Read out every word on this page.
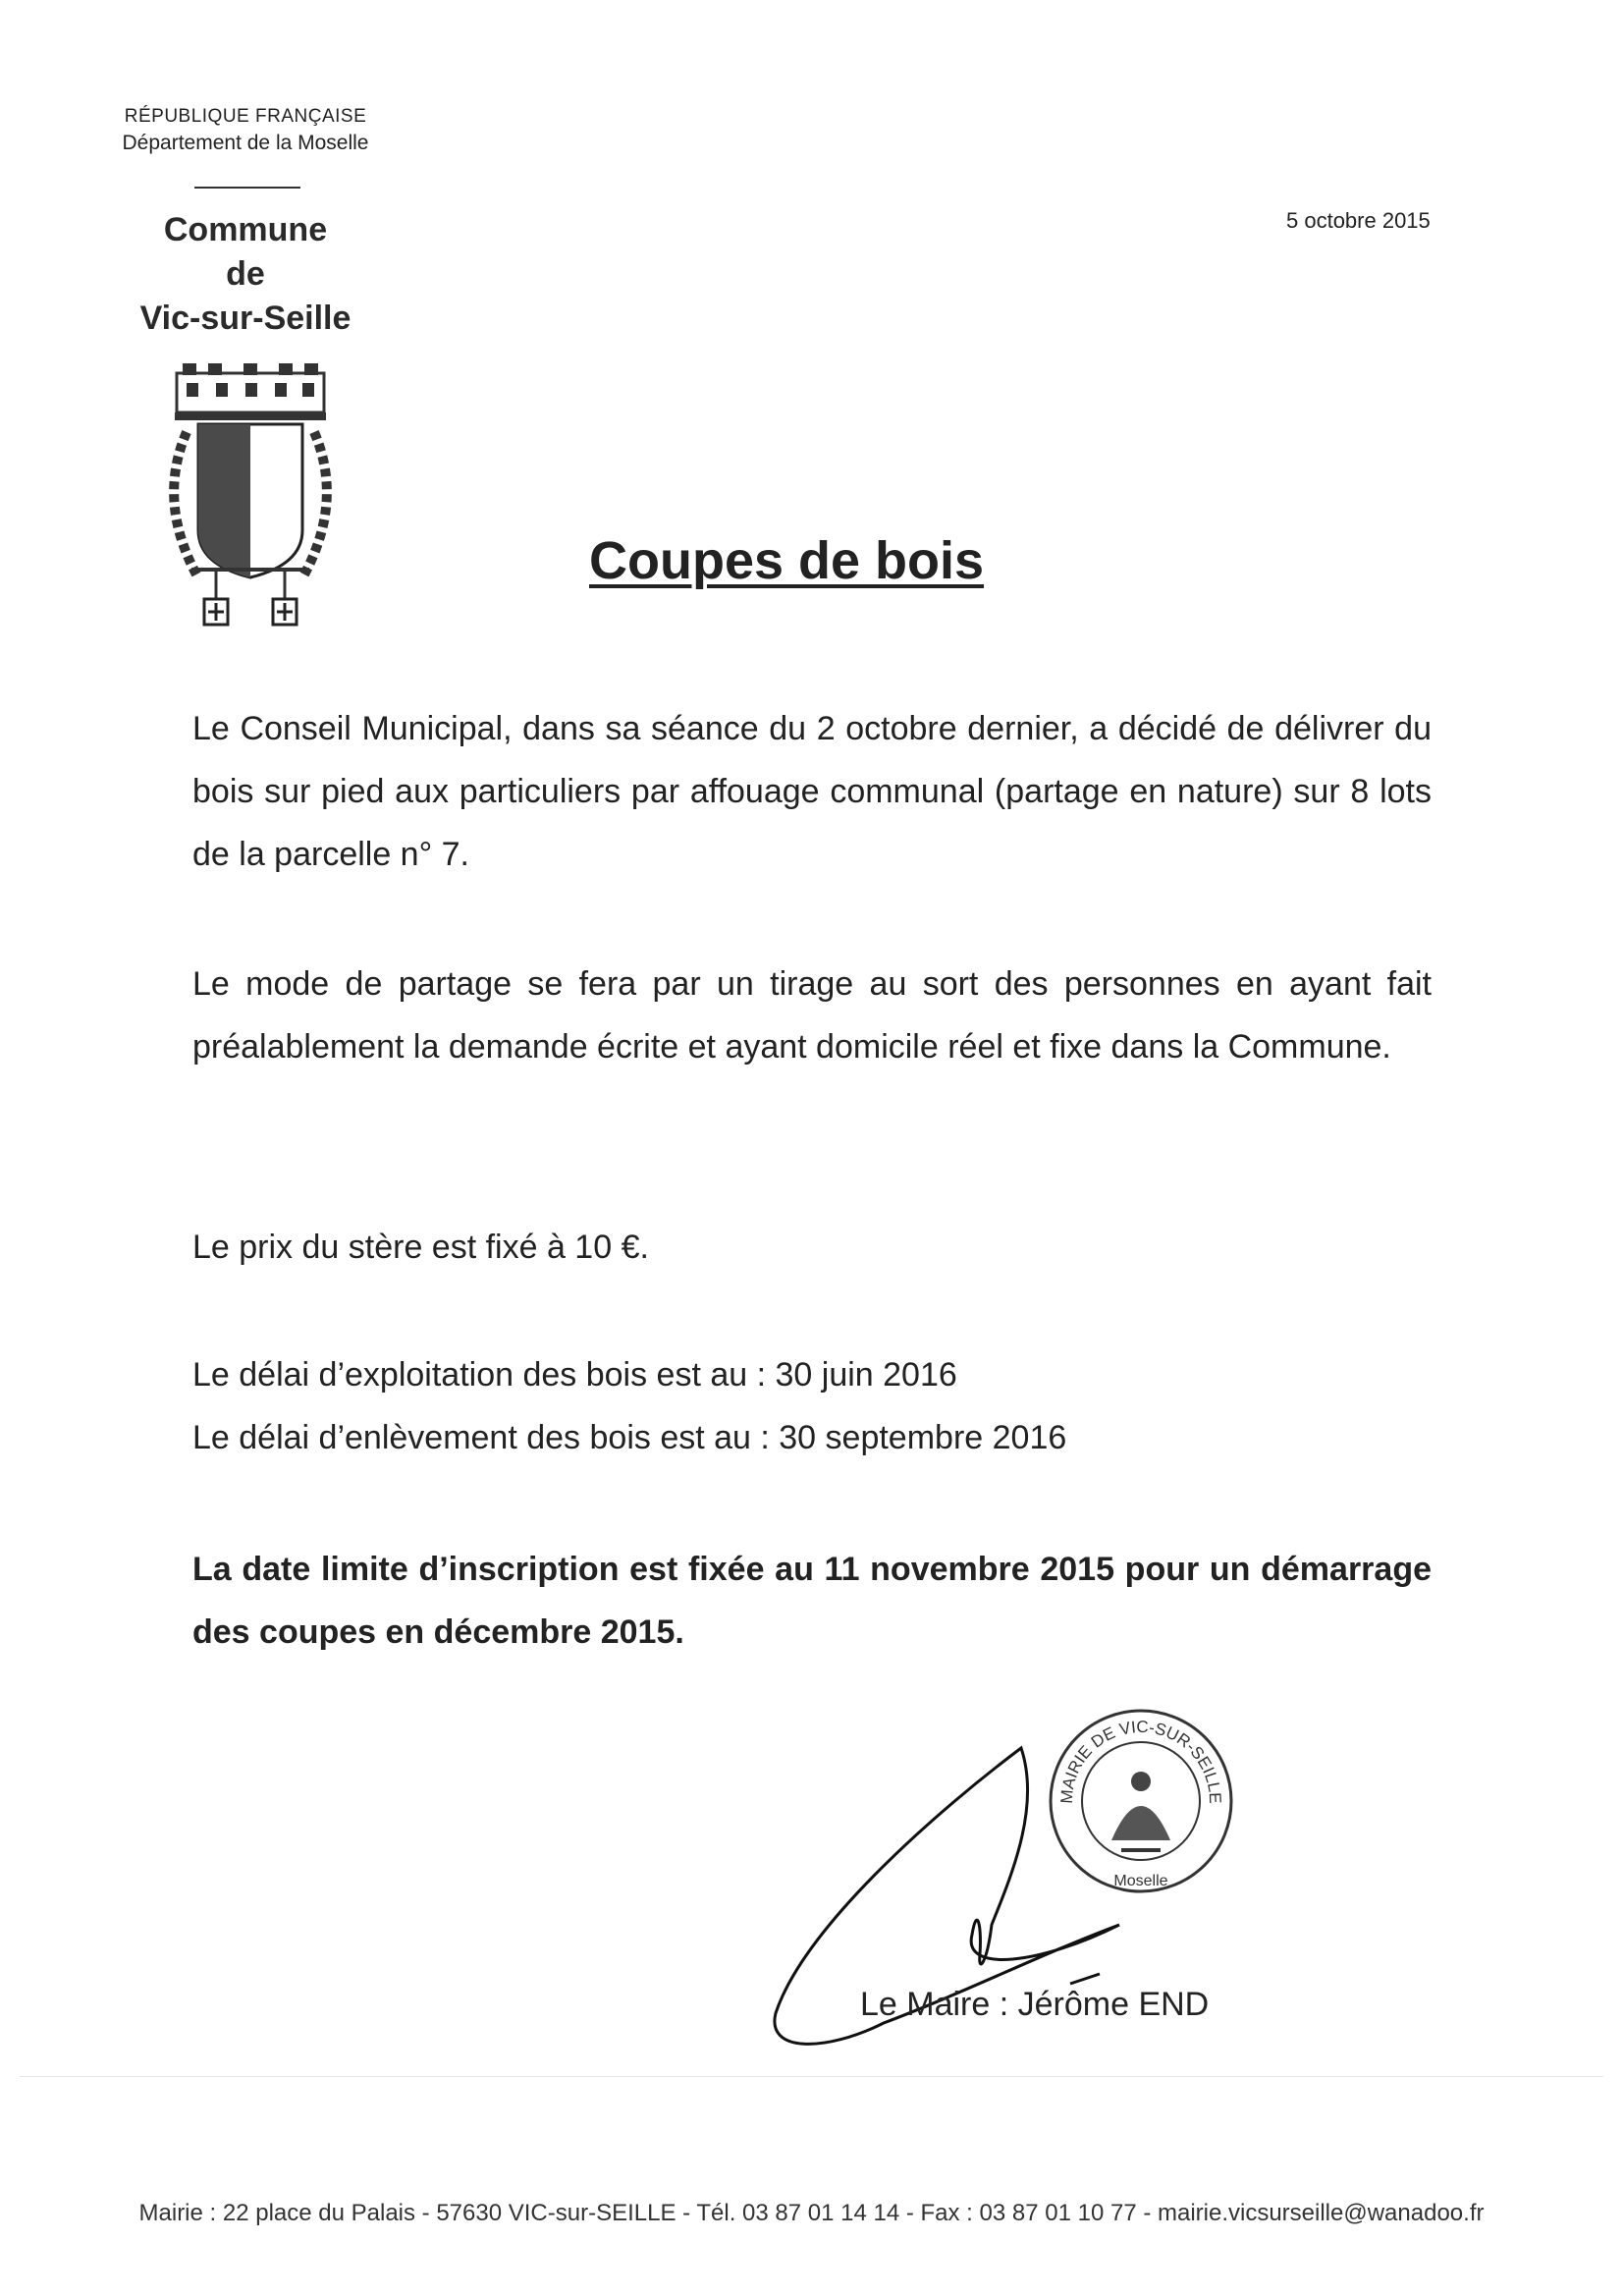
RÉPUBLIQUE FRANÇAISE
Département de la Moselle
Commune
de
Vic-sur-Seille
5 octobre 2015
Coupes de bois
Le Conseil Municipal, dans sa séance du 2 octobre dernier, a décidé de délivrer du bois sur pied aux particuliers par affouage communal (partage en nature) sur 8 lots de la parcelle n° 7.
Le mode de partage se fera par un tirage au sort des personnes en ayant fait préalablement la demande écrite et ayant domicile réel et fixe dans la Commune.
Le prix du stère est fixé à 10 €.
Le délai d’exploitation des bois est au : 30 juin 2016
Le délai d’enlèvement des bois est au : 30 septembre 2016
La date limite d’inscription est fixée au 11 novembre 2015 pour un démarrage des coupes en décembre 2015.
MAIRIE DE VIC-SUR-SEILLE
Moselle
Le Maire : Jérôme END
Mairie : 22 place du Palais - 57630 VIC-sur-SEILLE - Tél. 03 87 01 14 14 - Fax : 03 87 01 10 77 - mairie.vicsurseille@wanadoo.fr
